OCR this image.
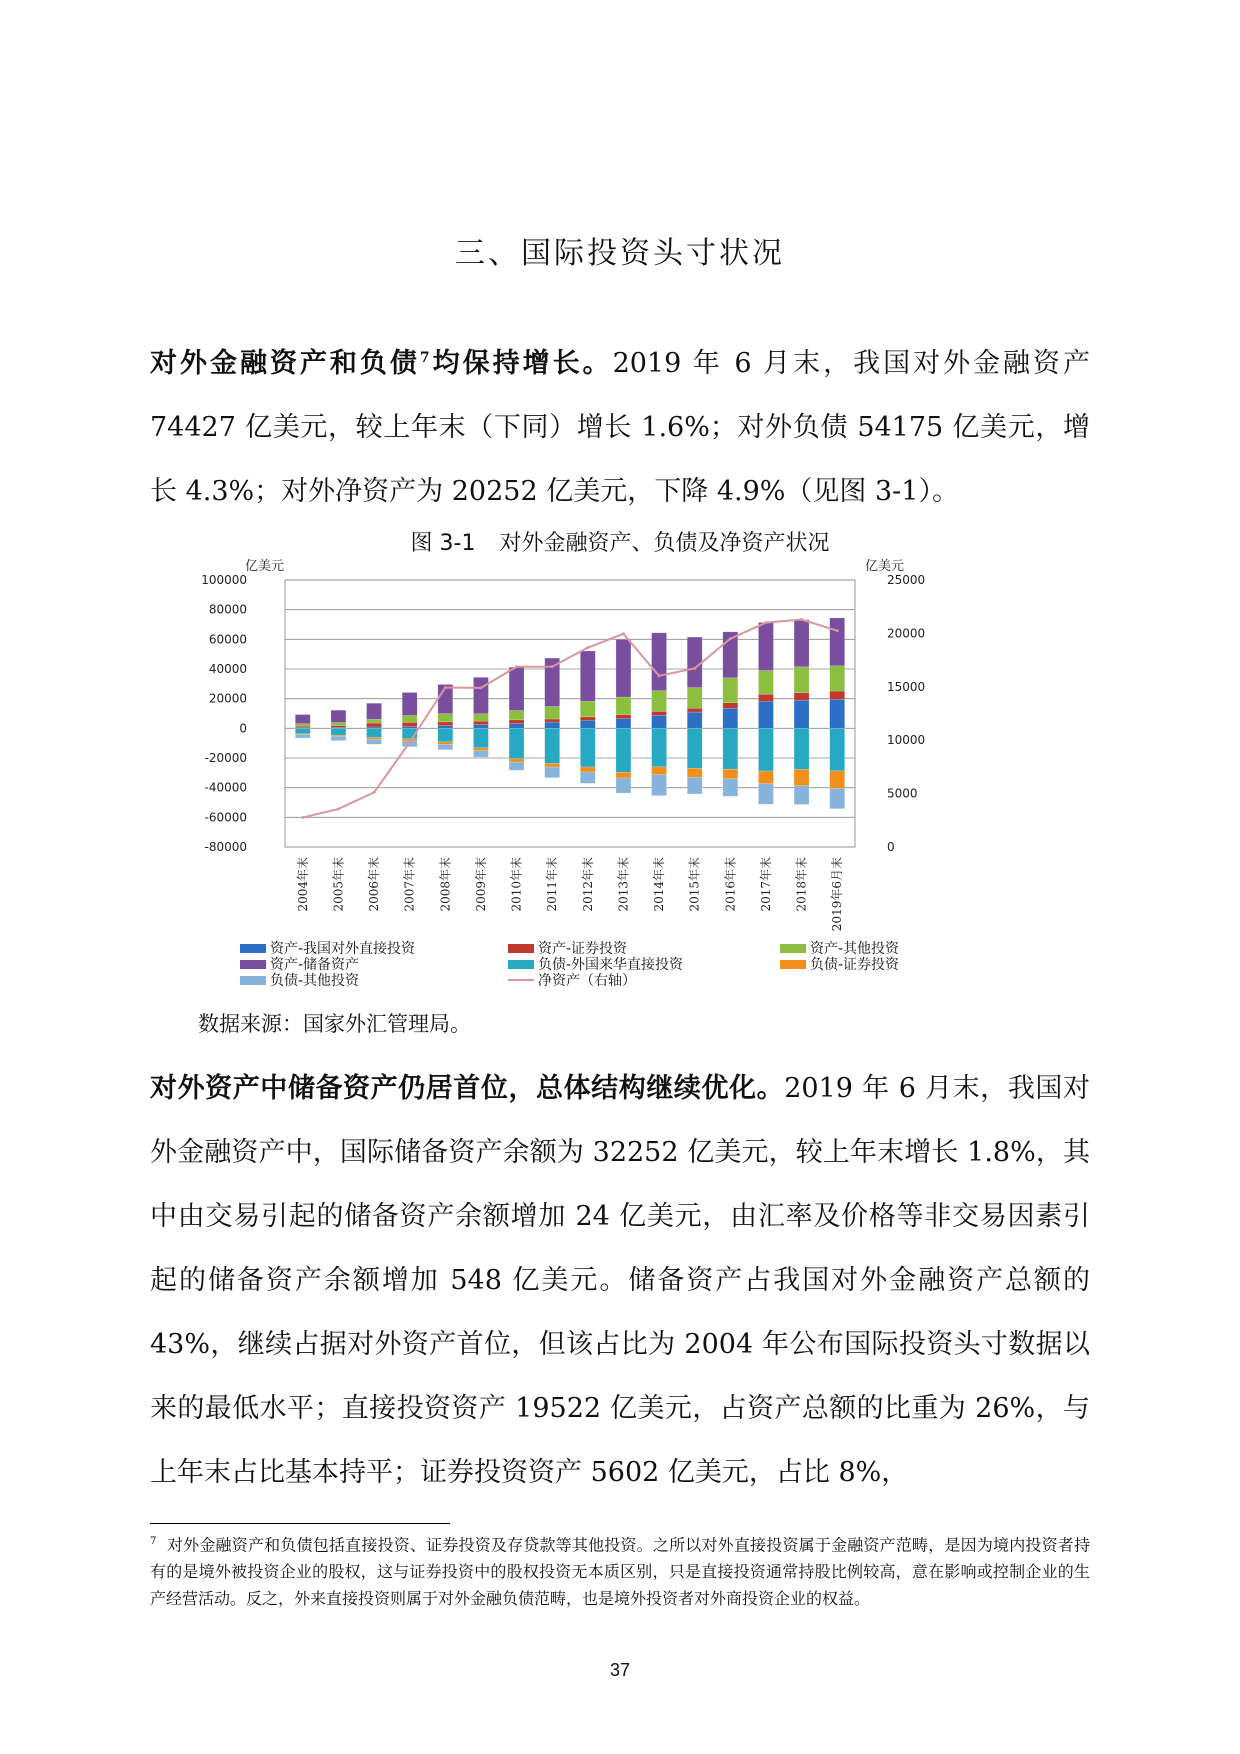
三、国际投资头寸状况
对外金融资产和负债$^7$均保持增长。2019 年 6 月末，我国对外金融资产 74427 亿美元，较上年末（下同）增长 1.6%；对外负债 54175 亿美元，增长 4.3%；对外净资产为 20252 亿美元，下降 4.9%（见图 3-1）。
图 3-1 对外金融资产、负债及净资产状况
100000
80000
60000
40000
20000
0
-20000
-40000
-60000
-80000
25000
20000
15000
10000
5000
0
亿美元	亿美元
2004年末 2005年末 2006年末 2007年末 2008年末 2009年末 2010年末 2011年末 2012年末 2013年末 2014年末 2015年末 2016年末 2017年末 2018年末 2019年6月末
资产-我国对外直接投资	资产-证券投资	资产-其他投资
资产-储备资产	负债-外国来华直接投资	负债-证券投资
负债-其他投资	净资产（右轴）
数据来源：国家外汇管理局。
对外资产中储备资产仍居首位，总体结构继续优化。2019 年 6 月末，我国对外金融资产中，国际储备资产余额为 32252 亿美元，较上年末增长 1.8%，其中由交易引起的储备资产余额增加 24 亿美元，由汇率及价格等非交易因素引起的储备资产余额增加 548 亿美元。储备资产占我国对外金融资产总额的 43%，继续占据对外资产首位，但该占比为 2004 年公布国际投资头寸数据以来的最低水平；直接投资资产 19522 亿美元，占资产总额的比重为 26%，与上年末占比基本持平；证券投资资产 5602 亿美元，占比 8%，
$^7$ 对外金融资产和负债包括直接投资、证券投资及存贷款等其他投资。之所以对外直接投资属于金融资产范畴，是因为境内投资者持有的是境外被投资企业的股权，这与证券投资中的股权投资无本质区别，只是直接投资通常持股比例较高，意在影响或控制企业的生产经营活动。反之，外来直接投资则属于对外金融负债范畴，也是境外投资者对外商投资企业的权益。
37
